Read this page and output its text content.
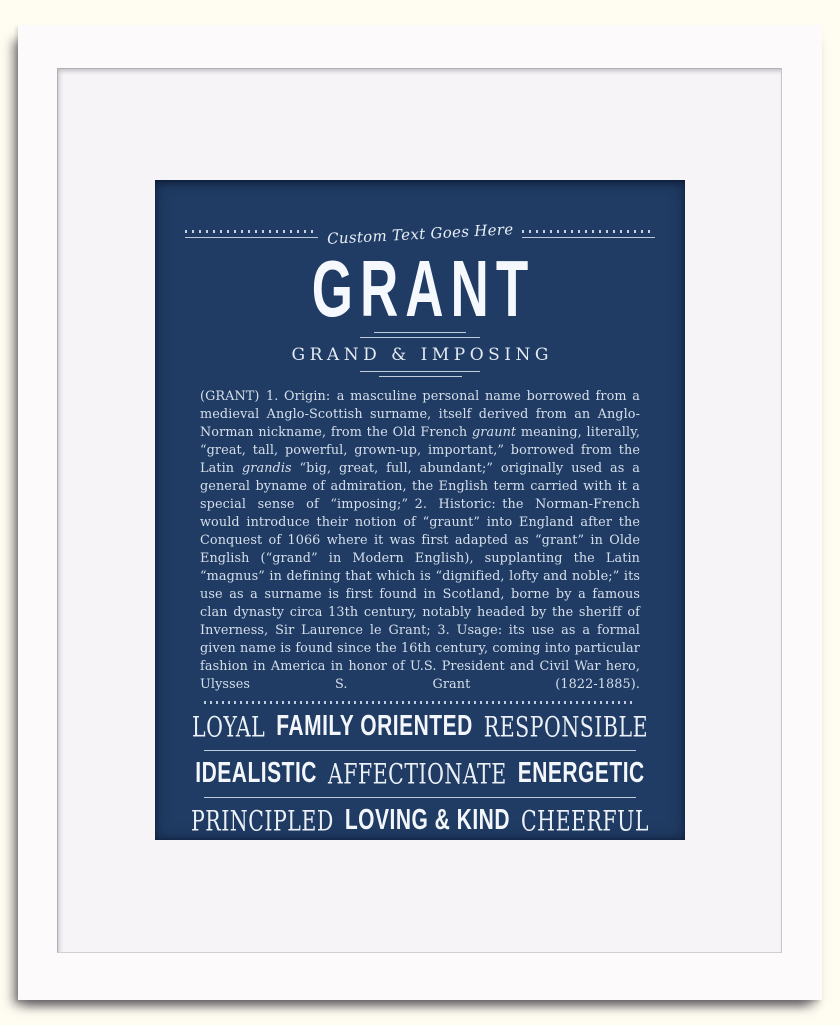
Custom Text Goes Here
GRANT
GRAND & IMPOSING

(GRANT) 1. Origin: a masculine personal name borrowed from a medieval Anglo-Scottish surname, itself derived from an Anglo-Norman nickname, from the Old French graunt meaning, literally, “great, tall, powerful, grown-up, important,” borrowed from the Latin grandis “big, great, full, abundant;” originally used as a general byname of admiration, the English term carried with it a special sense of “imposing;” 2. Historic: the Norman-French would introduce their notion of “graunt” into England after the Conquest of 1066 where it was first adapted as “grant” in Olde English (“grand” in Modern English), supplanting the Latin “magnus” in defining that which is “dignified, lofty and noble;” its use as a surname is first found in Scotland, borne by a famous clan dynasty circa 13th century, notably headed by the sheriff of Inverness, Sir Laurence le Grant; 3. Usage: its use as a formal given name is found since the 16th century, coming into particular fashion in America in honor of U.S. President and Civil War hero, Ulysses S. Grant (1822-1885).

LOYAL FAMILY ORIENTED RESPONSIBLE
IDEALISTIC AFFECTIONATE ENERGETIC
PRINCIPLED LOVING & KIND CHEERFUL
